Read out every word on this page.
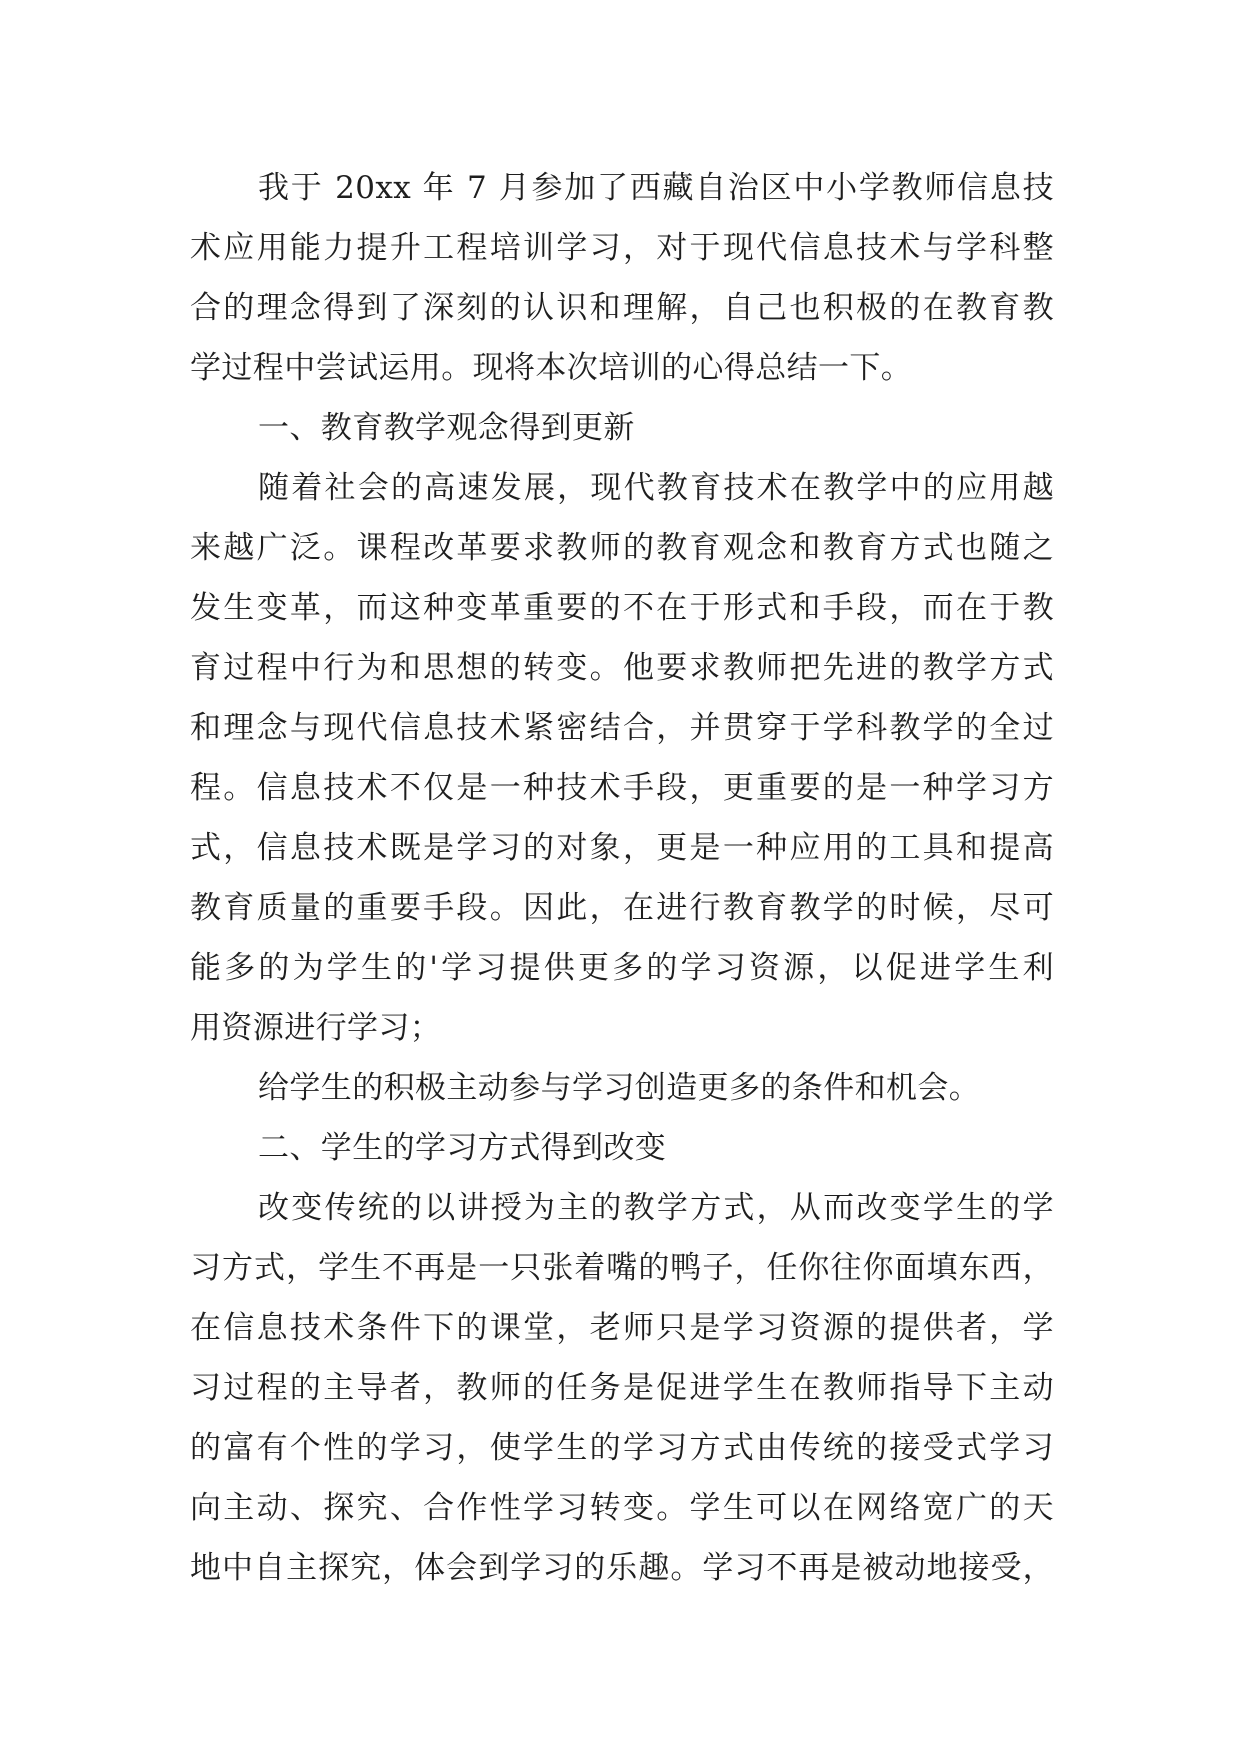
我于 20xx 年 7 月参加了西藏自治区中小学教师信息技
术应用能力提升工程培训学习，对于现代信息技术与学科整
合的理念得到了深刻的认识和理解，自己也积极的在教育教
学过程中尝试运用。现将本次培训的心得总结一下。
一、教育教学观念得到更新
随着社会的高速发展，现代教育技术在教学中的应用越
来越广泛。课程改革要求教师的教育观念和教育方式也随之
发生变革，而这种变革重要的不在于形式和手段，而在于教
育过程中行为和思想的转变。他要求教师把先进的教学方式
和理念与现代信息技术紧密结合，并贯穿于学科教学的全过
程。信息技术不仅是一种技术手段，更重要的是一种学习方
式，信息技术既是学习的对象，更是一种应用的工具和提高
教育质量的重要手段。因此，在进行教育教学的时候，尽可
能多的为学生的'学习提供更多的学习资源，以促进学生利
用资源进行学习；
给学生的积极主动参与学习创造更多的条件和机会。
二、学生的学习方式得到改变
改变传统的以讲授为主的教学方式，从而改变学生的学
习方式，学生不再是一只张着嘴的鸭子，任你往你面填东西，
在信息技术条件下的课堂，老师只是学习资源的提供者，学
习过程的主导者，教师的任务是促进学生在教师指导下主动
的富有个性的学习，使学生的学习方式由传统的接受式学习
向主动、探究、合作性学习转变。学生可以在网络宽广的天
地中自主探究，体会到学习的乐趣。学习不再是被动地接受，
